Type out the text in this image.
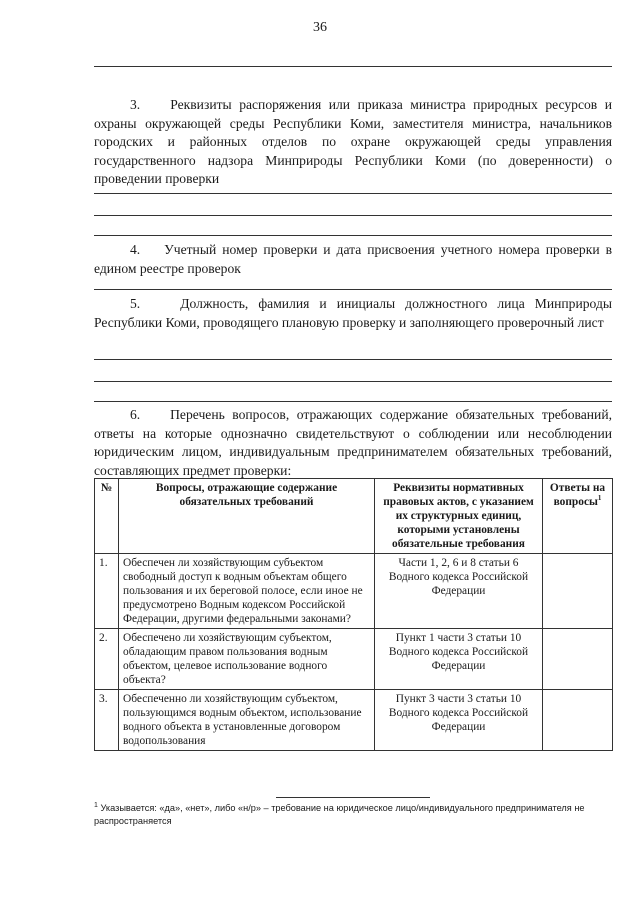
36
3. Реквизиты распоряжения или приказа министра природных ресурсов и охраны окружающей среды Республики Коми, заместителя министра, начальников городских и районных отделов по охране окружающей среды управления государственного надзора Минприроды Республики Коми (по доверенности) о проведении проверки
4. Учетный номер проверки и дата присвоения учетного номера проверки в едином реестре проверок
5.	Должность, фамилия и инициалы должностного лица Минприроды Республики Коми, проводящего плановую проверку и заполняющего проверочный лист
6. Перечень вопросов, отражающих содержание обязательных требований, ответы на которые однозначно свидетельствуют о соблюдении или несоблюдении юридическим лицом, индивидуальным предпринимателем обязательных требований, составляющих предмет проверки:
№	Вопросы, отражающие содержание обязательных требований	Реквизиты нормативных правовых актов, с указанием их структурных единиц, которыми установлены обязательные требования	Ответы на вопросы$^1$
1.	Обеспечен ли хозяйствующим субъектом свободный доступ к водным объектам общего пользования и их береговой полосе, если иное не предусмотрено Водным кодексом Российской Федерации, другими федеральными законами?	Части 1, 2, 6 и 8 статьи 6 Водного кодекса Российской Федерации	
2.	Обеспечено ли хозяйствующим субъектом, обладающим правом пользования водным объектом, целевое использование водного объекта?	Пункт 1 части 3 статьи 10 Водного кодекса Российской Федерации	
3.	Обеспеченно ли хозяйствующим субъектом, пользующимся водным объектом, использование водного объекта в установленные договором водопользования	Пункт 3 части 3 статьи 10 Водного кодекса Российской Федерации	
$^1$ Указывается: «да», «нет», либо «н/р» – требование на юридическое лицо/индивидуального предпринимателя не распространяется
